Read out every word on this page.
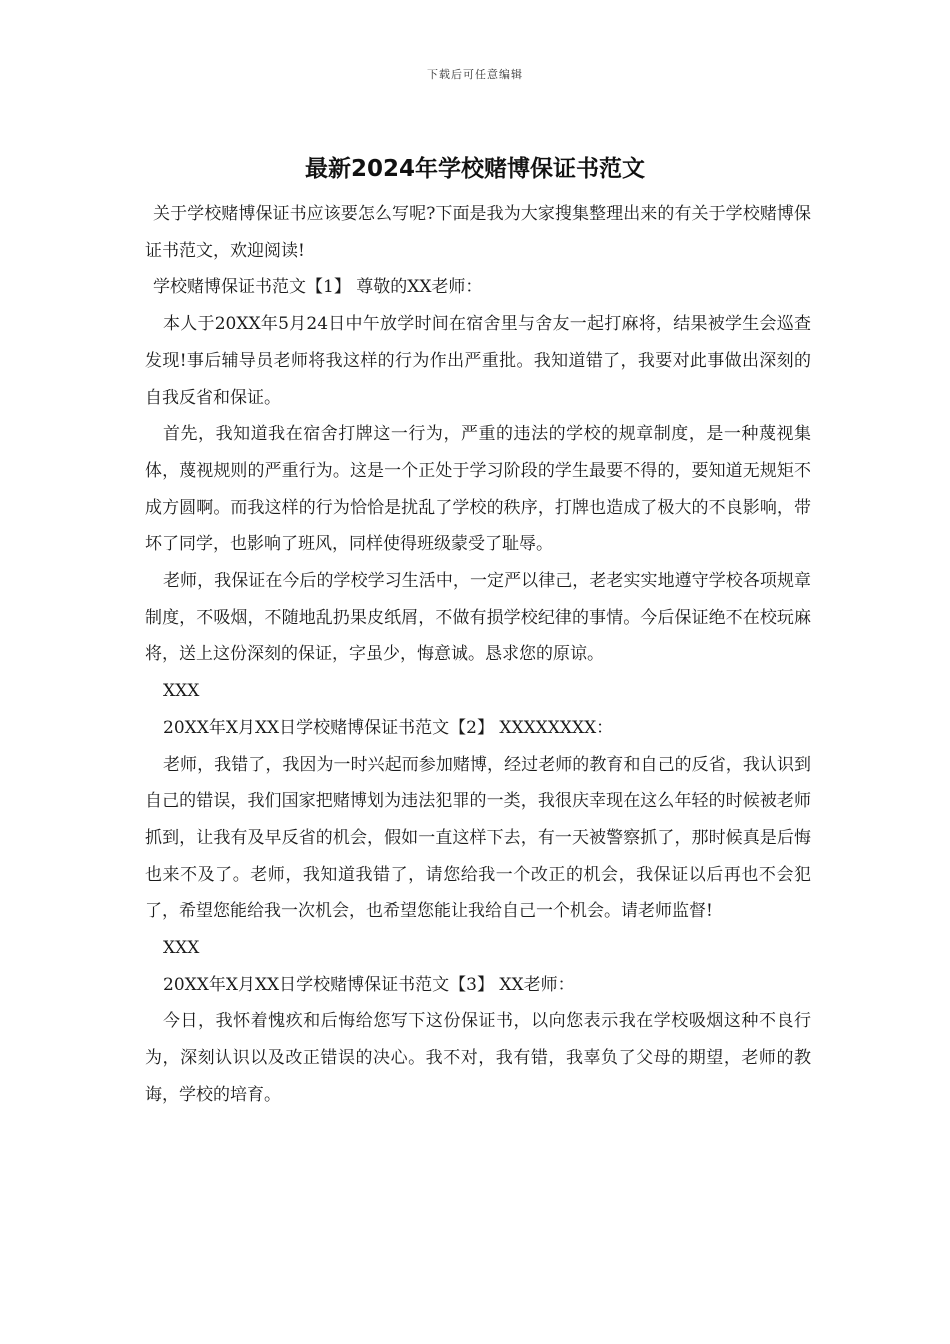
下载后可任意编辑
最新2024年学校赌博保证书范文

关于学校赌博保证书应该要怎么写呢?下面是我为大家搜集整理出来的有关于学校赌博保证书范文，欢迎阅读!

学校赌博保证书范文【1】 尊敬的XX老师：

本人于20XX年5月24日中午放学时间在宿舍里与舍友一起打麻将，结果被学生会巡查发现!事后辅导员老师将我这样的行为作出严重批。我知道错了，我要对此事做出深刻的自我反省和保证。

首先，我知道我在宿舍打牌这一行为，严重的违法的学校的规章制度，是一种蔑视集体，蔑视规则的严重行为。这是一个正处于学习阶段的学生最要不得的，要知道无规矩不成方圆啊。而我这样的行为恰恰是扰乱了学校的秩序，打牌也造成了极大的不良影响，带坏了同学，也影响了班风，同样使得班级蒙受了耻辱。

老师，我保证在今后的学校学习生活中，一定严以律己，老老实实地遵守学校各项规章制度，不吸烟，不随地乱扔果皮纸屑，不做有损学校纪律的事情。今后保证绝不在校玩麻将，送上这份深刻的保证，字虽少，悔意诚。恳求您的原谅。

XXX

20XX年X月XX日学校赌博保证书范文【2】 XXXXXXXX：

老师，我错了，我因为一时兴起而参加赌博，经过老师的教育和自己的反省，我认识到自己的错误，我们国家把赌博划为违法犯罪的一类，我很庆幸现在这么年轻的时候被老师抓到，让我有及早反省的机会，假如一直这样下去，有一天被警察抓了，那时候真是后悔也来不及了。老师，我知道我错了，请您给我一个改正的机会，我保证以后再也不会犯了，希望您能给我一次机会，也希望您能让我给自己一个机会。请老师监督!

XXX

20XX年X月XX日学校赌博保证书范文【3】 XX老师：

今日，我怀着愧疚和后悔给您写下这份保证书，以向您表示我在学校吸烟这种不良行为，深刻认识以及改正错误的决心。我不对，我有错，我辜负了父母的期望，老师的教诲，学校的培育。
